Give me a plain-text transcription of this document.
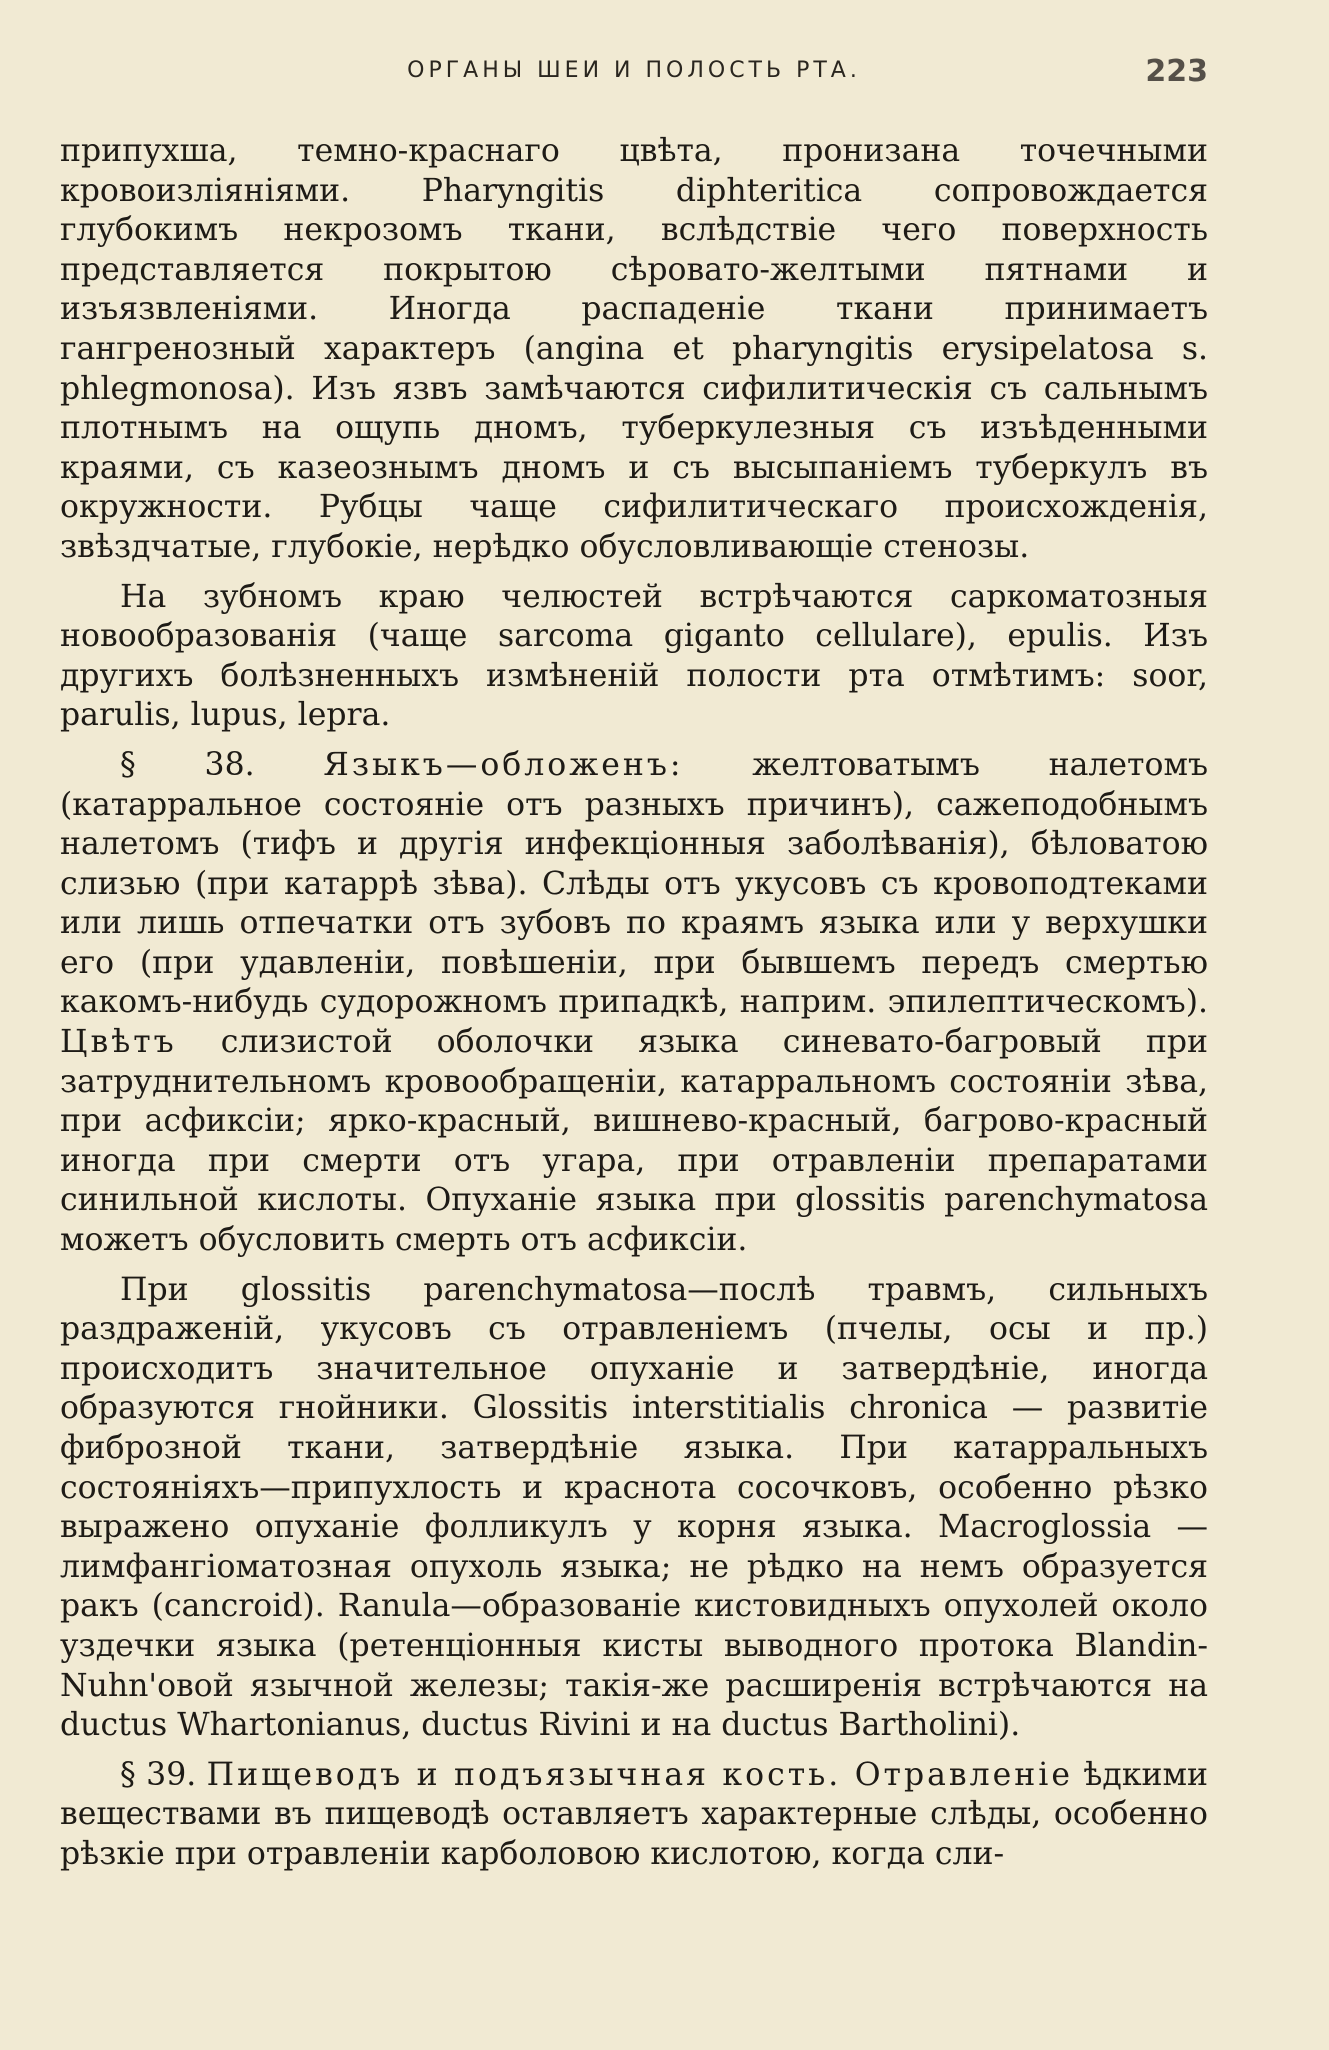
ОРГАНЫ ШЕИ И ПОЛОСТЬ РТА.	223

припухша, темно-краснаго цвѣта, пронизана точечными кровоизліяніями. Pharyngitis diphteritica сопровождается глубокимъ некрозомъ ткани, вслѣдствіе чего поверхность представляется покрытою сѣровато-желтыми пятнами и изъязвленіями. Иногда распаденіе ткани принимаетъ гангренозный характеръ (angina et pharyngitis erysipelatosa s. phlegmonosa). Изъ язвъ замѣчаются сифилитическія съ сальнымъ плотнымъ на ощупь дномъ, туберкулезныя съ изъѣденными краями, съ казеознымъ дномъ и съ высыпаніемъ туберкулъ въ окружности. Рубцы чаще сифилитическаго происхожденія, звѣздчатые, глубокіе, нерѣдко обусловливающіе стенозы.

На зубномъ краю челюстей встрѣчаются саркоматозныя новообразованія (чаще sarcoma giganto cellulare), epulis. Изъ другихъ болѣзненныхъ измѣненій полости рта отмѣтимъ: soor, parulis, lupus, lepra.

§ 38. Языкъ—обложенъ: желтоватымъ налетомъ (катарральное состояніе отъ разныхъ причинъ), сажеподобнымъ налетомъ (тифъ и другія инфекціонныя заболѣванія), бѣловатою слизью (при катаррѣ зѣва). Слѣды отъ укусовъ съ кровоподтеками или лишь отпечатки отъ зубовъ по краямъ языка или у верхушки его (при удавленіи, повѣшеніи, при бывшемъ передъ смертью какомъ-нибудь судорожномъ припадкѣ, наприм. эпилептическомъ). Цвѣтъ слизистой оболочки языка синевато-багровый при затруднительномъ кровообращеніи, катарральномъ состояніи зѣва, при асфиксіи; ярко-красный, вишнево-красный, багрово-красный иногда при смерти отъ угара, при отравленіи препаратами синильной кислоты. Опуханіе языка при glossitis parenchymatosa можетъ обусловить смерть отъ асфиксіи.

При glossitis parenchymatosa—послѣ травмъ, сильныхъ раздраженій, укусовъ съ отравленіемъ (пчелы, осы и пр.) происходитъ значительное опуханіе и затвердѣніе, иногда образуются гнойники. Glossitis interstitialis chronica — развитіе фиброзной ткани, затвердѣніе языка. При катарральныхъ состояніяхъ—припухлость и краснота сосочковъ, особенно рѣзко выражено опуханіе фолликулъ у корня языка. Macroglossia — лимфангіоматозная опухоль языка; не рѣдко на немъ образуется ракъ (cancroid). Ranula—образованіе кистовидныхъ опухолей около уздечки языка (ретенціонныя кисты выводного протока Blandin-Nuhn'овой язычной железы; такія-же расширенія встрѣчаются на ductus Whartonianus, ductus Rivini и на ductus Bartholini).

§ 39. Пищеводъ и подъязычная кость. Отравленіе ѣдкими веществами въ пищеводѣ оставляетъ характерные слѣды, особенно рѣзкіе при отравленіи карболовою кислотою, когда сли-
